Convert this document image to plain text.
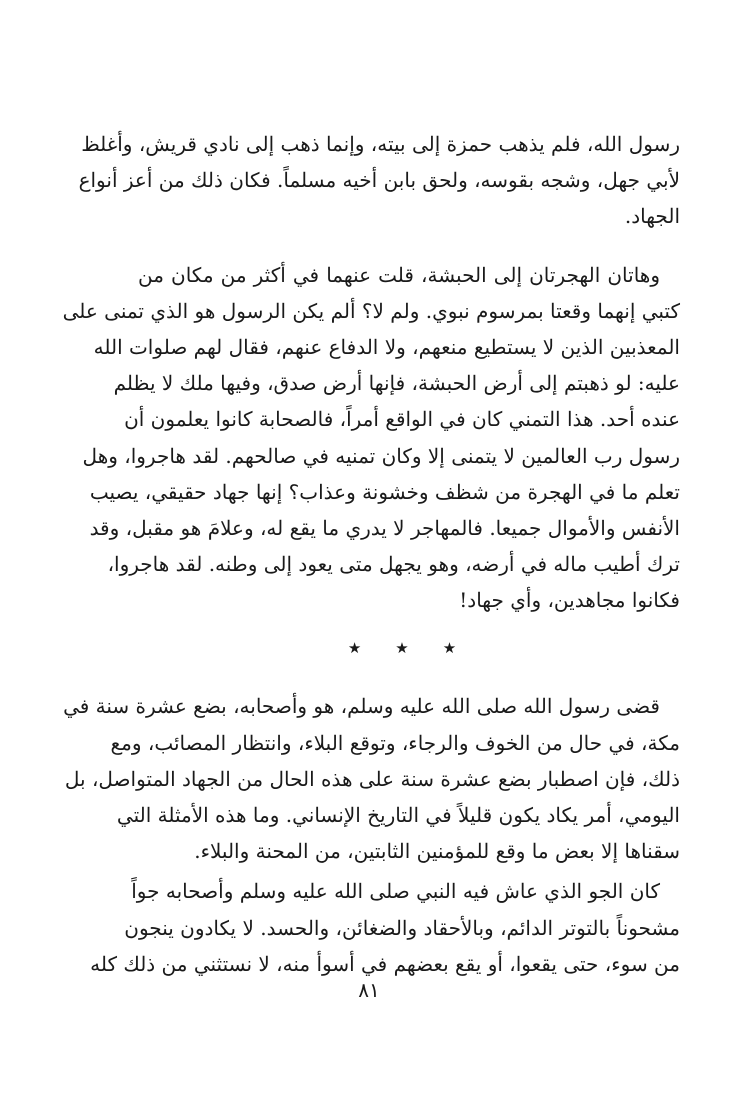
رسول الله، فلم يذهب حمزة إلى بيته، وإنما ذهب إلى نادي قريش، وأغلظ
لأبي جهل، وشجه بقوسه، ولحق بابن أخيه مسلماً. فكان ذلك من أعز أنواع
الجهاد.
وهاتان الهجرتان إلى الحبشة، قلت عنهما في أكثر من مكان من
كتبي إنهما وقعتا بمرسوم نبوي. ولم لا؟ ألم يكن الرسول هو الذي تمنى على
المعذبين الذين لا يستطيع منعهم، ولا الدفاع عنهم، فقال لهم صلوات الله
عليه: لو ذهبتم إلى أرض الحبشة، فإنها أرض صدق، وفيها ملك لا يظلم
عنده أحد. هذا التمني كان في الواقع أمراً، فالصحابة كانوا يعلمون أن
رسول رب العالمين لا يتمنى إلا وكان تمنيه في صالحهم. لقد هاجروا، وهل
تعلم ما في الهجرة من شظف وخشونة وعذاب؟ إنها جهاد حقيقي، يصيب
الأنفس والأموال جميعا. فالمهاجر لا يدري ما يقع له، وعلامَ هو مقبل، وقد
ترك أطيب ماله في أرضه، وهو يجهل متى يعود إلى وطنه. لقد هاجروا،
فكانوا مجاهدين، وأي جهاد!
★ ★ ★
قضى رسول الله صلى الله عليه وسلم، هو وأصحابه، بضع عشرة سنة في
مكة، في حال من الخوف والرجاء، وتوقع البلاء، وانتظار المصائب، ومع
ذلك، فإن اصطبار بضع عشرة سنة على هذه الحال من الجهاد المتواصل، بل
اليومي، أمر يكاد يكون قليلاً في التاريخ الإنساني. وما هذه الأمثلة التي
سقناها إلا بعض ما وقع للمؤمنين الثابتين، من المحنة والبلاء.
كان الجو الذي عاش فيه النبي صلى الله عليه وسلم وأصحابه جواً
مشحوناً بالتوتر الدائم، وبالأحقاد والضغائن، والحسد. لا يكادون ينجون
من سوء، حتى يقعوا، أو يقع بعضهم في أسوأ منه، لا نستثني من ذلك كله
٨١
